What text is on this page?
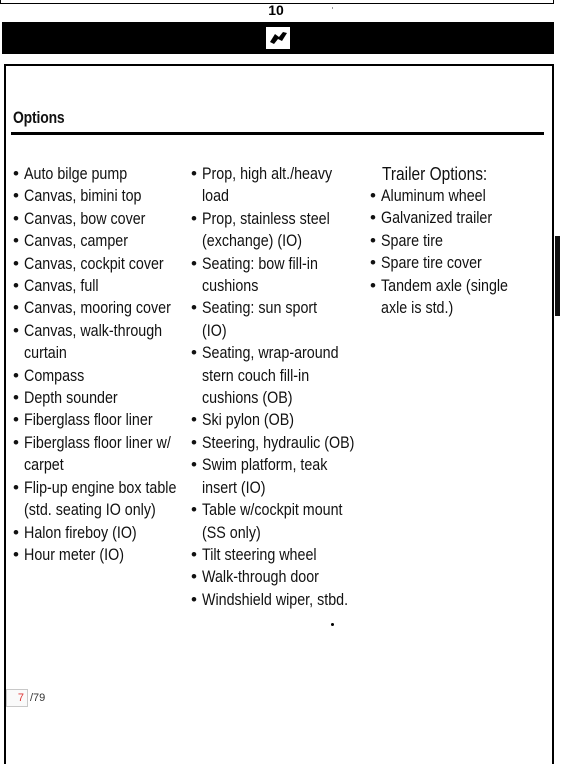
10
Options
• Auto bilge pump
• Canvas, bimini top
• Canvas, bow cover
• Canvas, camper
• Canvas, cockpit cover
• Canvas, full
• Canvas, mooring cover
• Canvas, walk-through
curtain
• Compass
• Depth sounder
• Fiberglass floor liner
• Fiberglass floor liner w/
carpet
• Flip-up engine box table
(std. seating IO only)
• Halon fireboy (IO)
• Hour meter (IO)
• Prop, high alt./heavy
load
• Prop, stainless steel
(exchange) (IO)
• Seating: bow fill-in
cushions
• Seating: sun sport
(IO)
• Seating, wrap-around
stern couch fill-in
cushions (OB)
• Ski pylon (OB)
• Steering, hydraulic (OB)
• Swim platform, teak
insert (IO)
• Table w/cockpit mount
(SS only)
• Tilt steering wheel
• Walk-through door
• Windshield wiper, stbd.
Trailer Options:
• Aluminum wheel
• Galvanized trailer
• Spare tire
• Spare tire cover
• Tandem axle (single
axle is std.)
7 /79
